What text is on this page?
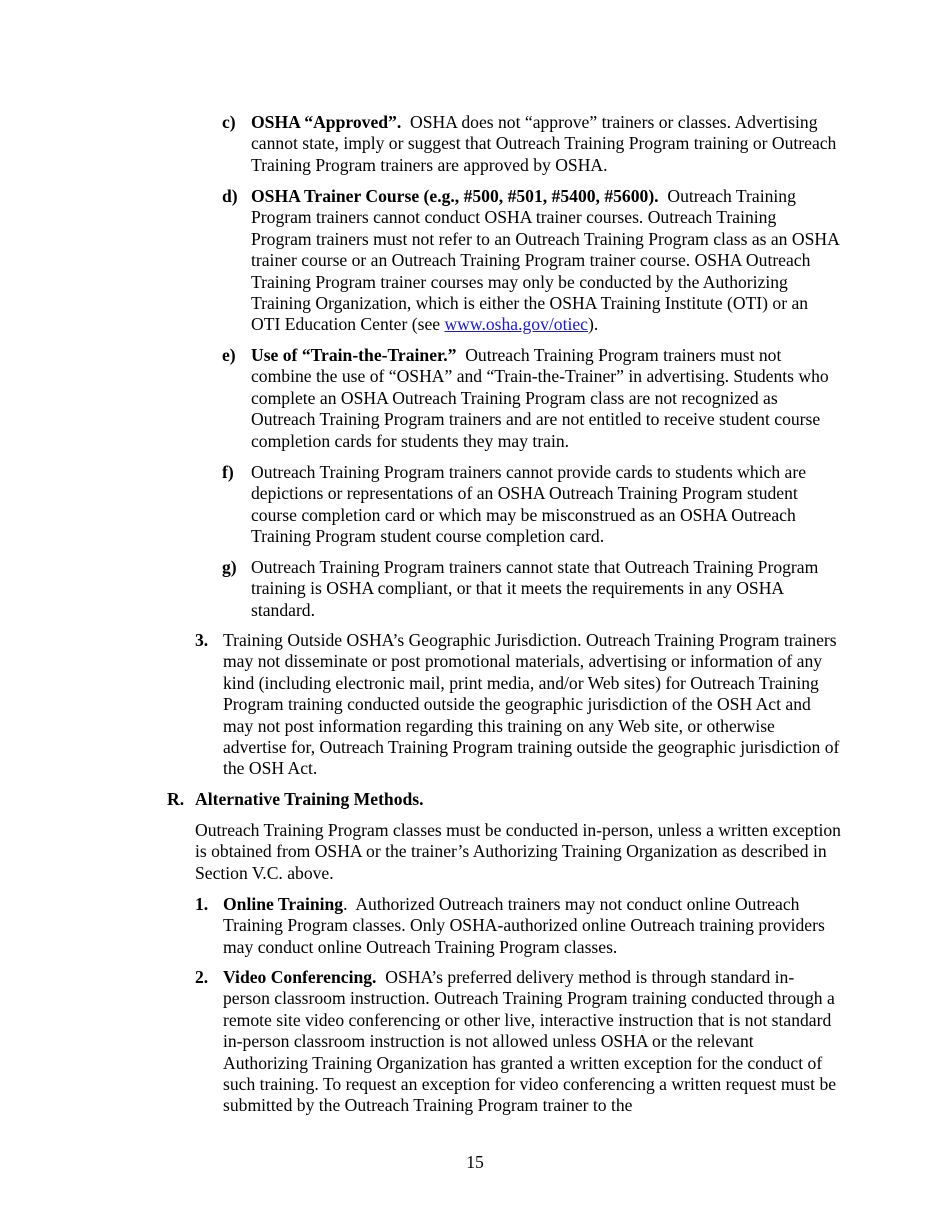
c) OSHA “Approved”. OSHA does not “approve” trainers or classes. Advertising cannot state, imply or suggest that Outreach Training Program training or Outreach Training Program trainers are approved by OSHA.

d) OSHA Trainer Course (e.g., #500, #501, #5400, #5600). Outreach Training Program trainers cannot conduct OSHA trainer courses. Outreach Training Program trainers must not refer to an Outreach Training Program class as an OSHA trainer course or an Outreach Training Program trainer course. OSHA Outreach Training Program trainer courses may only be conducted by the Authorizing Training Organization, which is either the OSHA Training Institute (OTI) or an OTI Education Center (see www.osha.gov/otiec).

e) Use of “Train-the-Trainer.” Outreach Training Program trainers must not combine the use of “OSHA” and “Train-the-Trainer” in advertising. Students who complete an OSHA Outreach Training Program class are not recognized as Outreach Training Program trainers and are not entitled to receive student course completion cards for students they may train.

f) Outreach Training Program trainers cannot provide cards to students which are depictions or representations of an OSHA Outreach Training Program student course completion card or which may be misconstrued as an OSHA Outreach Training Program student course completion card.

g) Outreach Training Program trainers cannot state that Outreach Training Program training is OSHA compliant, or that it meets the requirements in any OSHA standard.

3. Training Outside OSHA’s Geographic Jurisdiction. Outreach Training Program trainers may not disseminate or post promotional materials, advertising or information of any kind (including electronic mail, print media, and/or Web sites) for Outreach Training Program training conducted outside the geographic jurisdiction of the OSH Act and may not post information regarding this training on any Web site, or otherwise advertise for, Outreach Training Program training outside the geographic jurisdiction of the OSH Act.

R. Alternative Training Methods.

Outreach Training Program classes must be conducted in-person, unless a written exception is obtained from OSHA or the trainer’s Authorizing Training Organization as described in Section V.C. above.

1. Online Training. Authorized Outreach trainers may not conduct online Outreach Training Program classes. Only OSHA-authorized online Outreach training providers may conduct online Outreach Training Program classes.

2. Video Conferencing. OSHA’s preferred delivery method is through standard in-person classroom instruction. Outreach Training Program training conducted through a remote site video conferencing or other live, interactive instruction that is not standard in-person classroom instruction is not allowed unless OSHA or the relevant Authorizing Training Organization has granted a written exception for the conduct of such training. To request an exception for video conferencing a written request must be submitted by the Outreach Training Program trainer to the

15
